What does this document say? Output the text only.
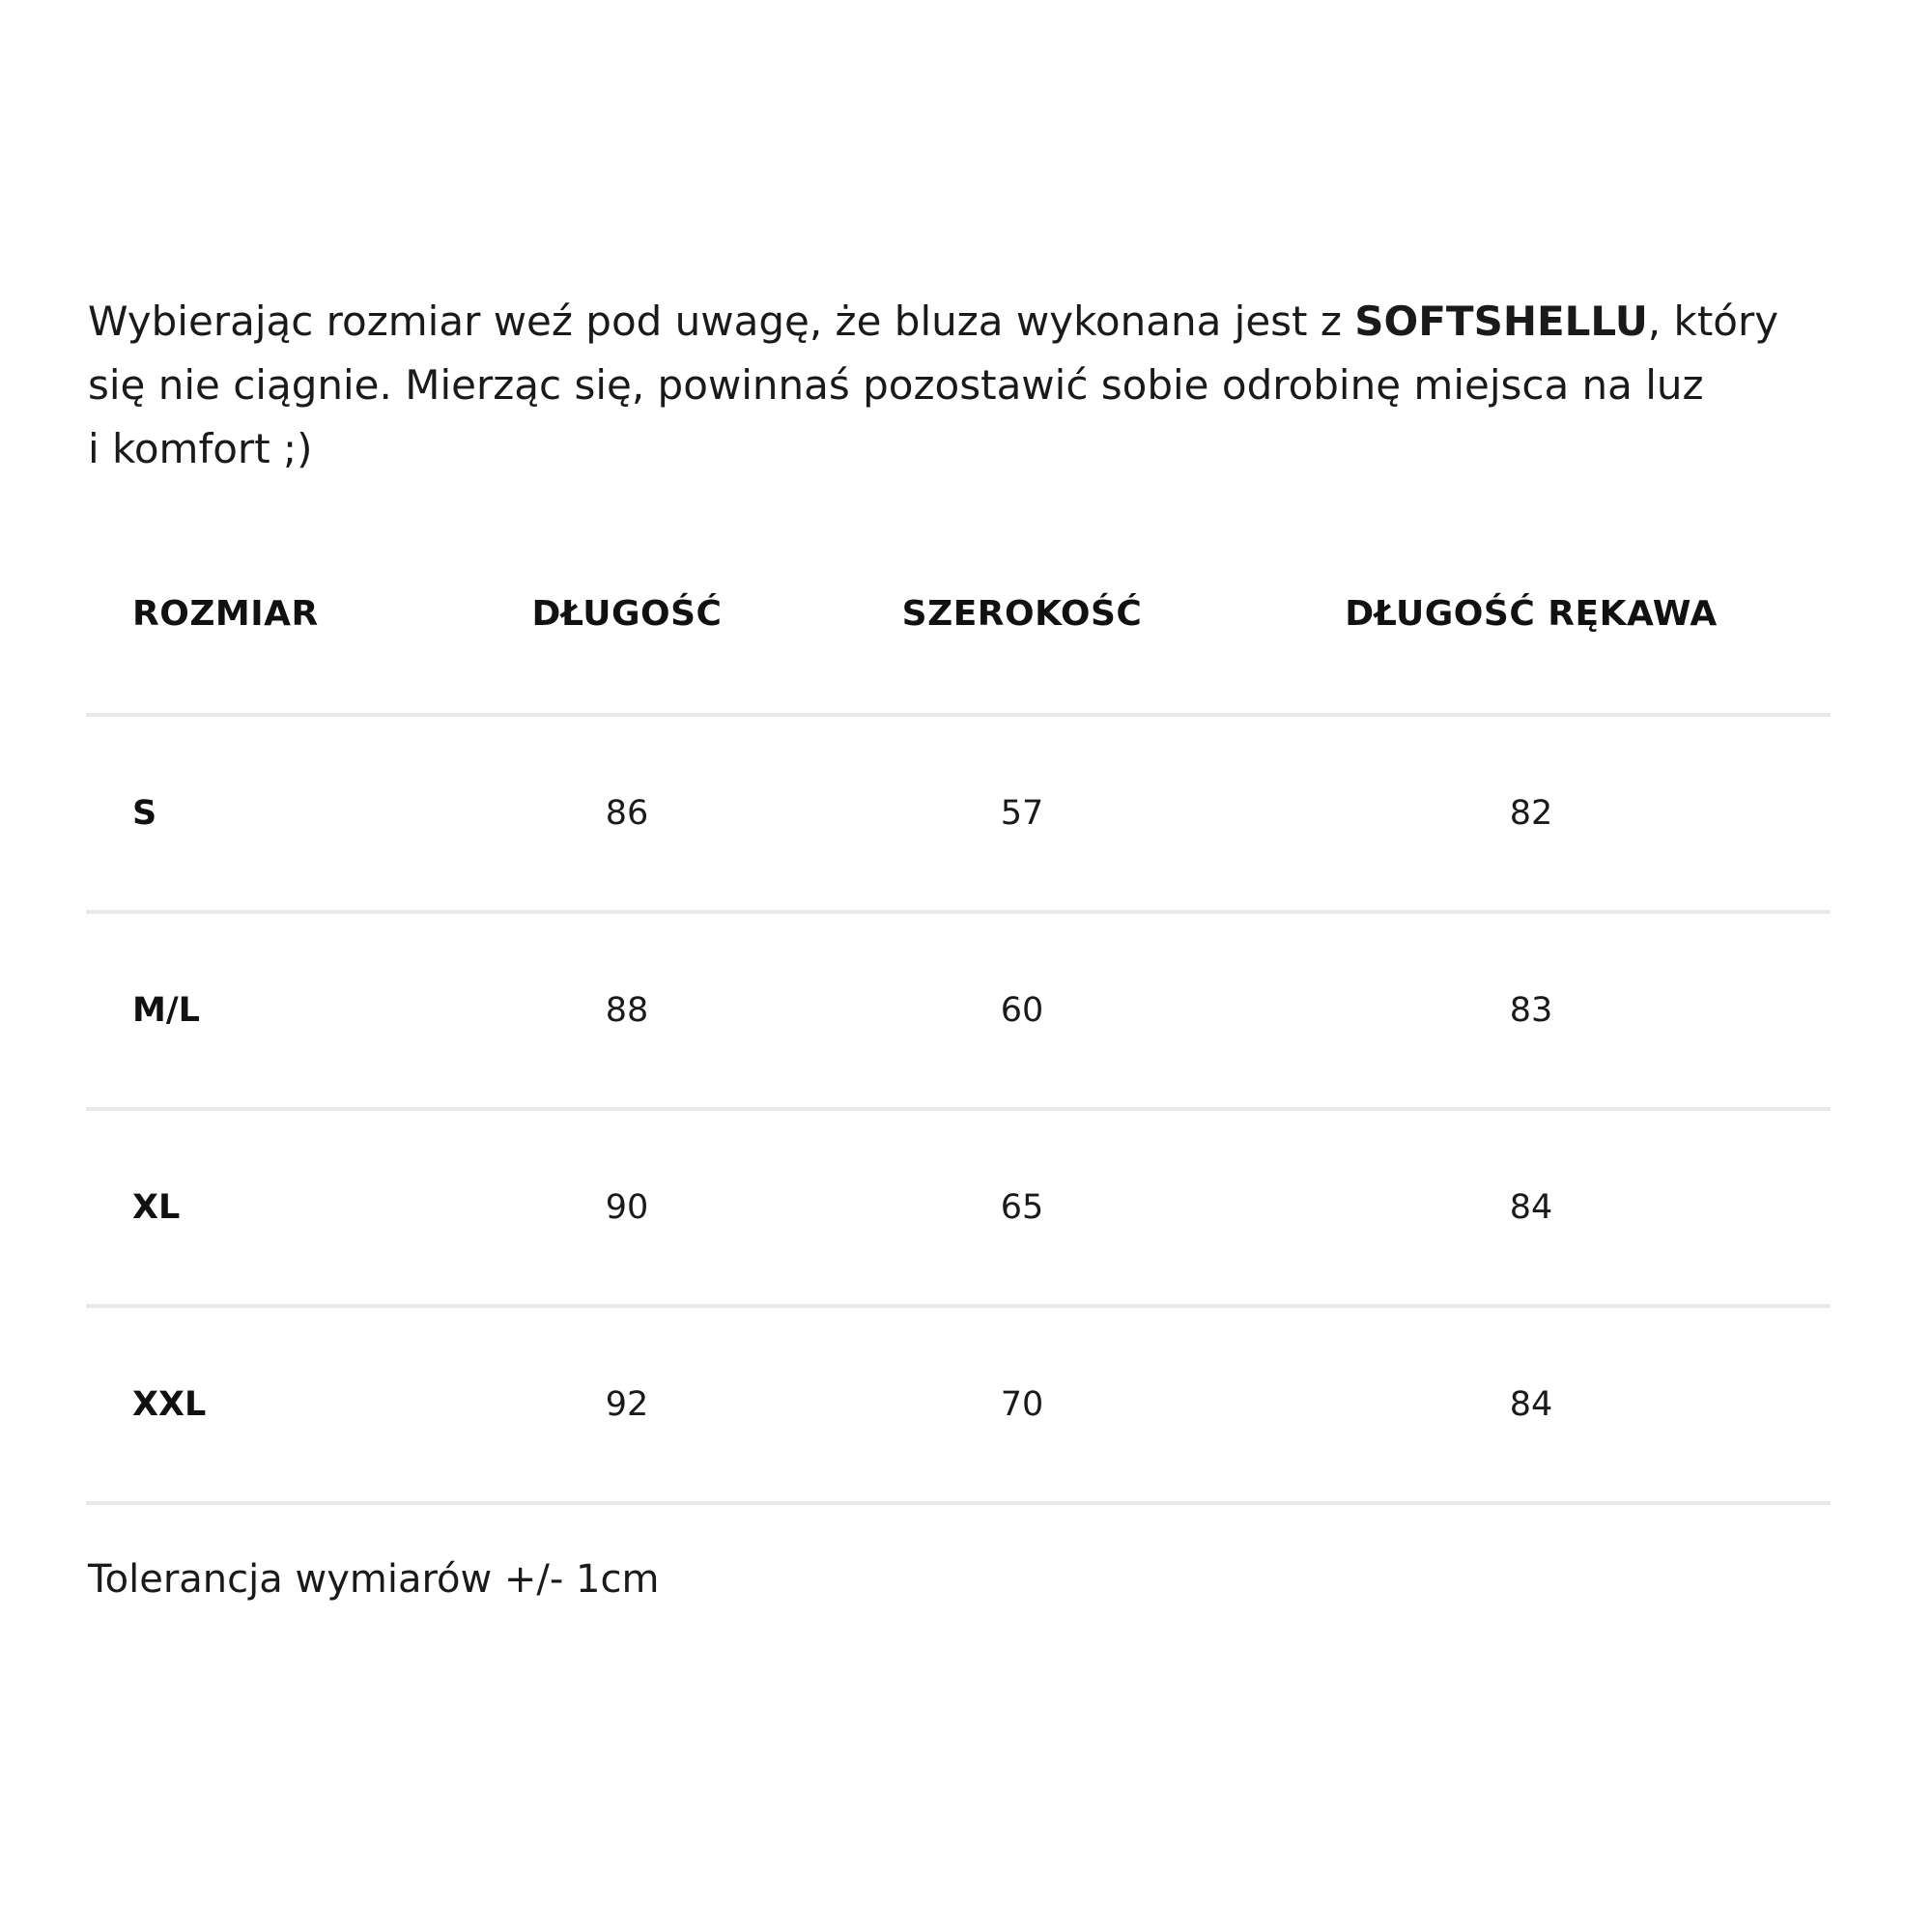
Wybierając rozmiar weź pod uwagę, że bluza wykonana jest z SOFTSHELLU, który
się nie ciągnie. Mierząc się, powinnaś pozostawić sobie odrobinę miejsca na luz
i komfort ;)

ROZMIAR	DŁUGOŚĆ	SZEROKOŚĆ	DŁUGOŚĆ RĘKAWA
S	86	57	82
M/L	88	60	83
XL	90	65	84
XXL	92	70	84

Tolerancja wymiarów +/- 1cm
